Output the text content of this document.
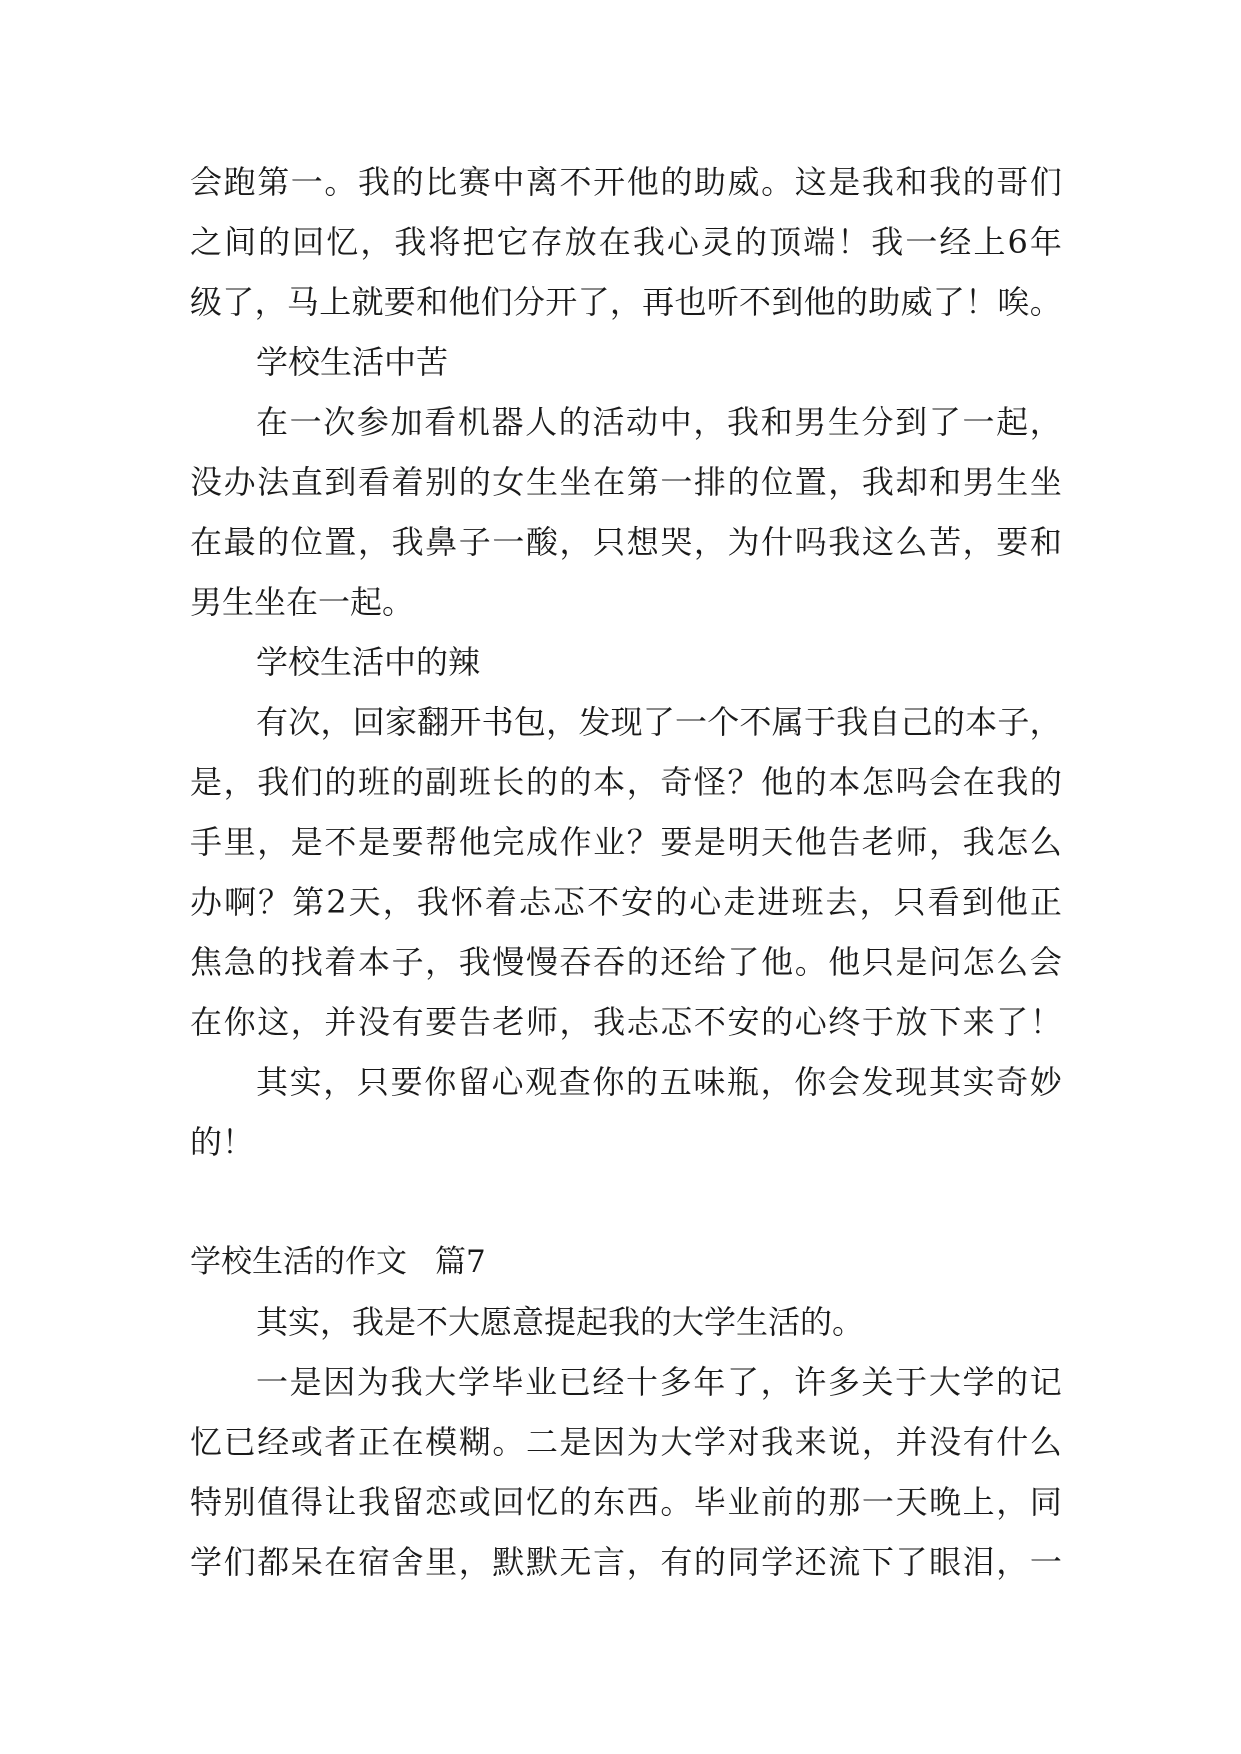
会 跑 第 一 。 我 的 比 赛 中 离 不 开 他 的 助 威 。 这 是 我 和 我 的 哥 们
之 间 的 回 忆 ， 我 将 把 它 存 放 在 我 心 灵 的 顶 端 ！ 我 一 经 上 6 年
级 了 ， 马 上 就 要 和 他 们 分 开 了 ， 再 也 听 不 到 他 的 助 威 了 ！ 唉 。
学校生活中苦
在 一 次 参 加 看 机 器 人 的 活 动 中 ， 我 和 男 生 分 到 了 一 起 ，
没 办 法 直 到 看 着 别 的 女 生 坐 在 第 一 排 的 位 置 ， 我 却 和 男 生 坐
在 最 的 位 置 ， 我 鼻 子 一 酸 ， 只 想 哭 ， 为 什 吗 我 这 么 苦 ， 要 和
男生坐在一起。
学校生活中的辣
有 次 ， 回 家 翻 开 书 包 ， 发 现 了 一 个 不 属 于 我 自 己 的 本 子 ，
是 ， 我 们 的 班 的 副 班 长 的 的 本 ， 奇 怪 ？ 他 的 本 怎 吗 会 在 我 的
手 里 ， 是 不 是 要 帮 他 完 成 作 业 ？ 要 是 明 天 他 告 老 师 ， 我 怎 么
办 啊 ？ 第 2 天 ， 我 怀 着 忐 忑 不 安 的 心 走 进 班 去 ， 只 看 到 他 正
焦 急 的 找 着 本 子 ， 我 慢 慢 吞 吞 的 还 给 了 他 。 他 只 是 问 怎 么 会
在 你 这 ， 并 没 有 要 告 老 师 ， 我 忐 忑 不 安 的 心 终 于 放 下 来 了 ！
其 实 ， 只 要 你 留 心 观 查 你 的 五 味 瓶 ， 你 会 发 现 其 实 奇 妙
的！
学校生活的作文 篇7
其实，我是不大愿意提起我的大学生活的。
一 是 因 为 我 大 学 毕 业 已 经 十 多 年 了 ， 许 多 关 于 大 学 的 记
忆 已 经 或 者 正 在 模 糊 。 二 是 因 为 大 学 对 我 来 说 ， 并 没 有 什 么
特 别 值 得 让 我 留 恋 或 回 忆 的 东 西 。 毕 业 前 的 那 一 天 晚 上 ， 同
学 们 都 呆 在 宿 舍 里 ， 默 默 无 言 ， 有 的 同 学 还 流 下 了 眼 泪 ， 一
